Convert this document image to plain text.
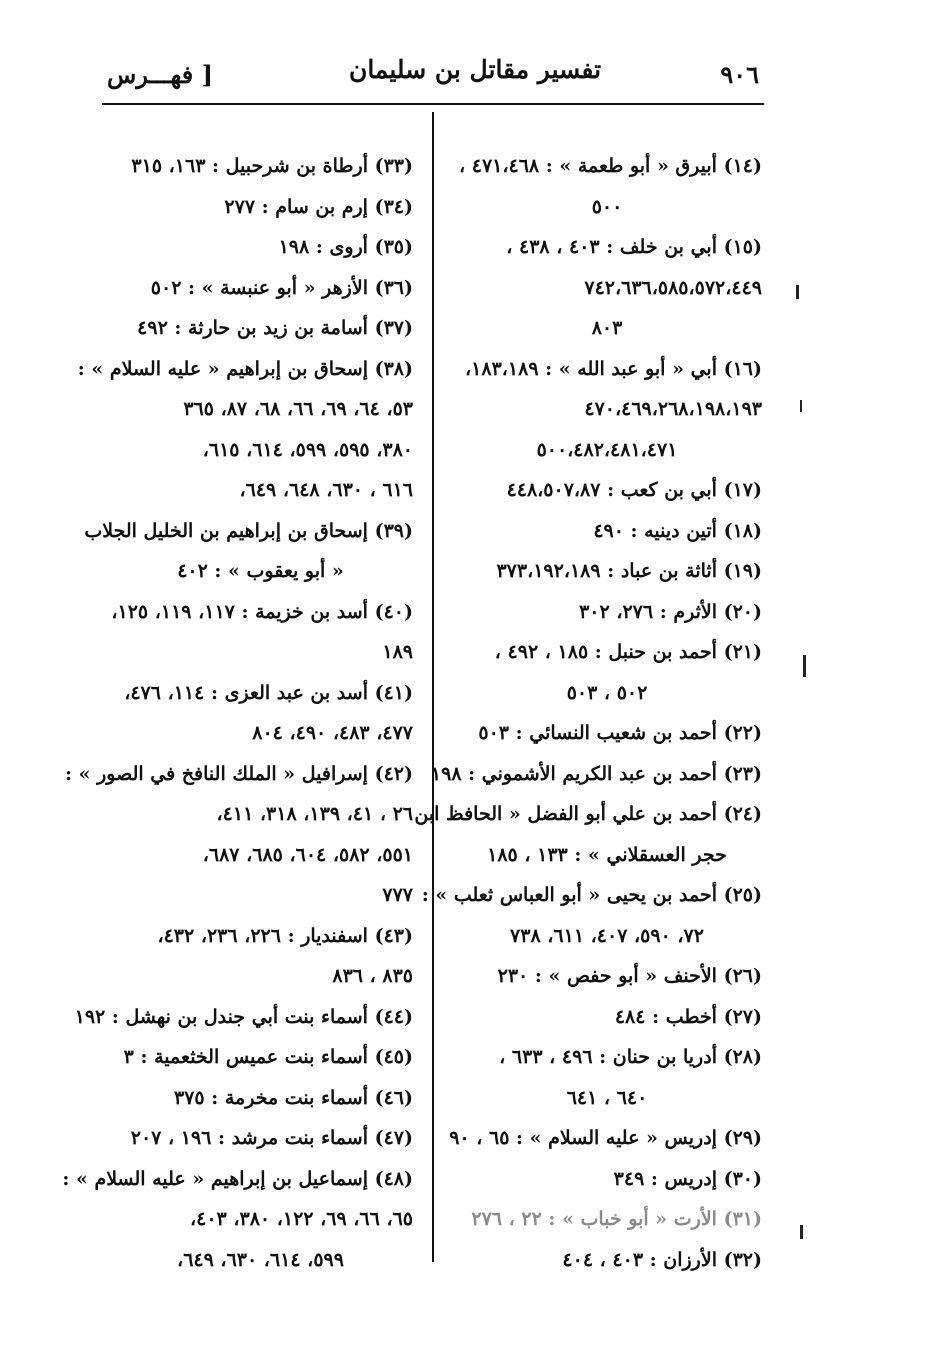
٩٠٦
تفسير مقاتل بن سليمان
[ فهـــرس

(١٤) أبيرق « أبو طعمة » : ٤٧١،٤٦٨ ،

٥٠٠

(١٥) أبي بن خلف : ٤٠٣ ، ٤٣٨ ،

٧٤٢،٦٣٦،٥٨٥،٥٧٢،٤٤٩

٨٠٣

(١٦) أبي « أبو عبد الله » : ١٨٣،١٨٩،

٤٧٠،٤٦٩،٢٦٨،١٩٨،١٩٣

٥٠٠،٤٨٢،٤٨١،٤٧١

(١٧) أبي بن كعب : ٤٤٨،٥٠٧،٨٧

(١٨) أتين دينيه : ٤٩٠

(١٩) أثاثة بن عباد : ٣٧٣،١٩٢،١٨٩

(٢٠) الأثرم : ٢٧٦، ٣٠٢

(٢١) أحمد بن حنبل : ١٨٥ ، ٤٩٢ ،

٥٠٢ ، ٥٠٣

(٢٢) أحمد بن شعيب النسائي : ٥٠٣

(٢٣) أحمد بن عبد الكريم الأشموني : ١٩٨

(٢٤) أحمد بن علي أبو الفضل « الحافظ ابن

حجر العسقلاني » : ١٣٣ ، ١٨٥

(٢٥) أحمد بن يحيى « أبو العباس ثعلب » :

٧٢، ٥٩٠، ٤٠٧، ٦١١، ٧٣٨

(٢٦) الأحنف « أبو حفص » : ٢٣٠

(٢٧) أخطب : ٤٨٤

(٢٨) أدريا بن حنان : ٤٩٦ ، ٦٣٣ ،

٦٤٠ ، ٦٤١

(٢٩) إدريس « عليه السلام » : ٦٥ ، ٩٠

(٣٠) إدريس : ٣٤٩

(٣١) الأرت « أبو خباب » : ٢٢ ، ٢٧٦

(٣٢) الأرزان : ٤٠٣ ، ٤٠٤

(٣٣) أرطاة بن شرحبيل : ١٦٣، ٣١٥

(٣٤) إرم بن سام : ٢٧٧

(٣٥) أروى : ١٩٨

(٣٦) الأزهر « أبو عنبسة » : ٥٠٢

(٣٧) أسامة بن زيد بن حارثة : ٤٩٢

(٣٨) إسحاق بن إبراهيم « عليه السلام » :

٥٣، ٦٤، ٦٩، ٦٦، ٦٨، ٨٧، ٣٦٥

٣٨٠، ٥٩٥، ٥٩٩، ٦١٤، ٦١٥،

٦١٦ ، ٦٣٠، ٦٤٨، ٦٤٩،

(٣٩) إسحاق بن إبراهيم بن الخليل الجلاب

« أبو يعقوب » : ٤٠٢

(٤٠) أسد بن خزيمة : ١١٧، ١١٩، ١٢٥،

١٨٩

(٤١) أسد بن عبد العزى : ١١٤، ٤٧٦،

٤٧٧، ٤٨٣، ٤٩٠، ٨٠٤

(٤٢) إسرافيل « الملك النافخ في الصور » :

٢٦ ، ٤١، ١٣٩، ٣١٨، ٤١١،

٥٥١، ٥٨٢، ٦٠٤، ٦٨٥، ٦٨٧،

٧٧٧

(٤٣) اسفنديار : ٢٢٦، ٢٣٦، ٤٣٢،

٨٣٥ ، ٨٣٦

(٤٤) أسماء بنت أبي جندل بن نهشل : ١٩٢

(٤٥) أسماء بنت عميس الخثعمية : ٣

(٤٦) أسماء بنت مخرمة : ٣٧٥

(٤٧) أسماء بنت مرشد : ١٩٦ ، ٢٠٧

(٤٨) إسماعيل بن إبراهيم « عليه السلام » :

٦٥، ٦٦، ٦٩، ١٢٢، ٣٨٠، ٤٠٣،

٥٩٩، ٦١٤، ٦٣٠، ٦٤٩،
